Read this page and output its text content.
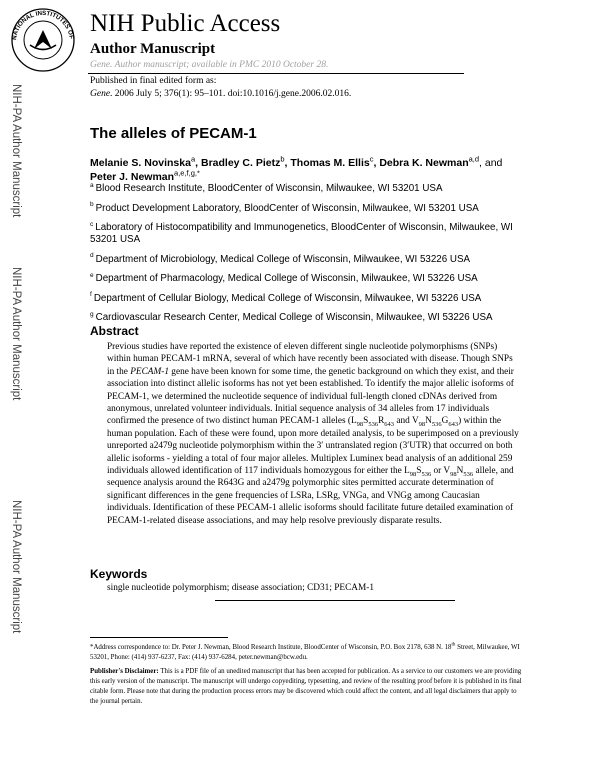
NATIONAL INSTITUTES OF
NIH Public Access
Author Manuscript
Gene. Author manuscript; available in PMC 2010 October 28.
NIH-PA Author Manuscript
NIH-PA Author Manuscript
NIH-PA Author Manuscript
Published in final edited form as:
Gene. 2006 July 5; 376(1): 95–101. doi:10.1016/j.gene.2006.02.016.
The alleles of PECAM-1
Melanie S. Novinska$^a$, Bradley C. Pietz$^b$, Thomas M. Ellis$^c$, Debra K. Newman$^{a,d}$, and Peter J. Newman$^{a,e,f,g,*}$
$^a$ Blood Research Institute, BloodCenter of Wisconsin, Milwaukee, WI 53201 USA
$^b$ Product Development Laboratory, BloodCenter of Wisconsin, Milwaukee, WI 53201 USA
$^c$ Laboratory of Histocompatibility and Immunogenetics, BloodCenter of Wisconsin, Milwaukee, WI 53201 USA
$^d$ Department of Microbiology, Medical College of Wisconsin, Milwaukee, WI 53226 USA
$^e$ Department of Pharmacology, Medical College of Wisconsin, Milwaukee, WI 53226 USA
$^f$ Department of Cellular Biology, Medical College of Wisconsin, Milwaukee, WI 53226 USA
$^g$ Cardiovascular Research Center, Medical College of Wisconsin, Milwaukee, WI 53226 USA
Abstract
Previous studies have reported the existence of eleven different single nucleotide polymorphisms (SNPs) within human PECAM-1 mRNA, several of which have recently been associated with disease. Though SNPs in the PECAM-1 gene have been known for some time, the genetic background on which they exist, and their association into distinct allelic isoforms has not yet been established. To identify the major allelic isoforms of PECAM-1, we determined the nucleotide sequence of individual full-length cloned cDNAs derived from anonymous, unrelated volunteer individuals. Initial sequence analysis of 34 alleles from 17 individuals confirmed the presence of two distinct human PECAM-1 alleles ($L_{98}S_{536}R_{643}$ and $V_{98}N_{536}G_{643}$) within the human population. Each of these were found, upon more detailed analysis, to be superimposed on a previously unreported a2479g nucleotide polymorphism within the 3′ untranslated region (3′UTR) that occurred on both allelic isoforms - yielding a total of four major alleles. Multiplex Luminex bead analysis of an additional 259 individuals allowed identification of 117 individuals homozygous for either the $L_{98}S_{536}$ or $V_{98}N_{536}$ allele, and sequence analysis around the R643G and a2479g polymorphic sites permitted accurate determination of significant differences in the gene frequencies of LSRa, LSRg, VNGa, and VNGg among Caucasian individuals. Identification of these PECAM-1 allelic isoforms should facilitate future detailed examination of PECAM-1-related disease associations, and may help resolve previously disparate results.
Keywords
single nucleotide polymorphism; disease association; CD31; PECAM-1
*Address correspondence to: Dr. Peter J. Newman, Blood Research Institute, BloodCenter of Wisconsin, P.O. Box 2178, 638 N. 18th Street, Milwaukee, WI 53201, Phone: (414) 937-6237, Fax: (414) 937-6284, peter.newman@bcw.edu.
Publisher's Disclaimer: This is a PDF file of an unedited manuscript that has been accepted for publication. As a service to our customers we are providing this early version of the manuscript. The manuscript will undergo copyediting, typesetting, and review of the resulting proof before it is published in its final citable form. Please note that during the production process errors may be discovered which could affect the content, and all legal disclaimers that apply to the journal pertain.
